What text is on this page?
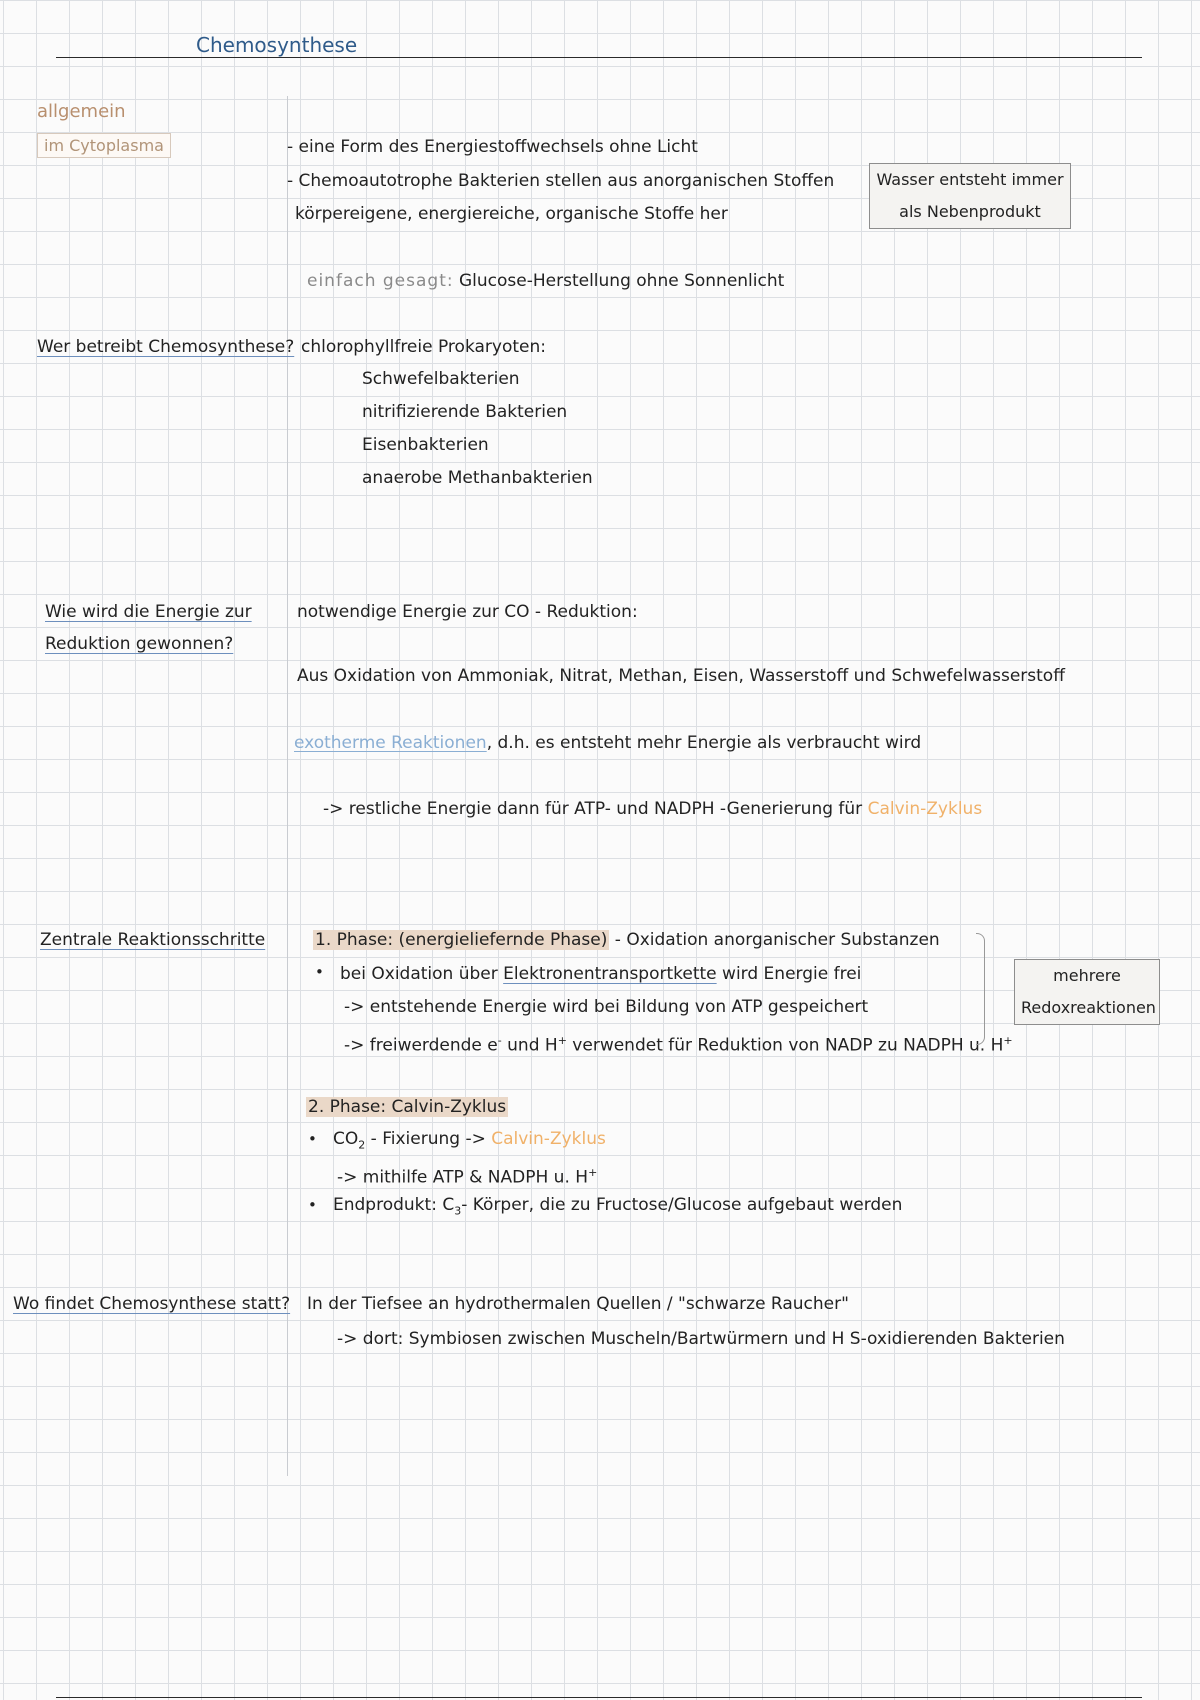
Chemosynthese
allgemein
im Cytoplasma	- eine Form des Energiestoffwechsels ohne Licht
- Chemoautotrophe Bakterien stellen aus anorganischen Stoffen
körpereigene, energiereiche, organische Stoffe her
Wasser entsteht immer
als Nebenprodukt
einfach gesagt: Glucose-Herstellung ohne Sonnenlicht
Wer betreibt Chemosynthese? chlorophyllfreie Prokaryoten:
Schwefelbakterien
nitrifizierende Bakterien
Eisenbakterien
anaerobe Methanbakterien
Wie wird die Energie zur
Reduktion gewonnen?
notwendige Energie zur CO - Reduktion:
Aus Oxidation von Ammoniak, Nitrat, Methan, Eisen, Wasserstoff und Schwefelwasserstoff
exotherme Reaktionen, d.h. es entsteht mehr Energie als verbraucht wird
-> restliche Energie dann für ATP- und NADPH -Generierung für Calvin-Zyklus
Zentrale Reaktionsschritte	1. Phase: (energieliefernde Phase) - Oxidation anorganischer Substanzen
• bei Oxidation über Elektronentransportkette wird Energie frei
-> entstehende Energie wird bei Bildung von ATP gespeichert
-> freiwerdende e- und H+ verwendet für Reduktion von NADP zu NADPH u. H+
mehrere
Redoxreaktionen
2. Phase: Calvin-Zyklus
• $CO_2$ - Fixierung -> Calvin-Zyklus
-> mithilfe ATP & NADPH u. H+
• Endprodukt: $C_3-$ Körper, die zu Fructose/Glucose aufgebaut werden
Wo findet Chemosynthese statt? In der Tiefsee an hydrothermalen Quellen / "schwarze Raucher"
-> dort: Symbiosen zwischen Muscheln/Bartwürmern und H S-oxidierenden Bakterien
